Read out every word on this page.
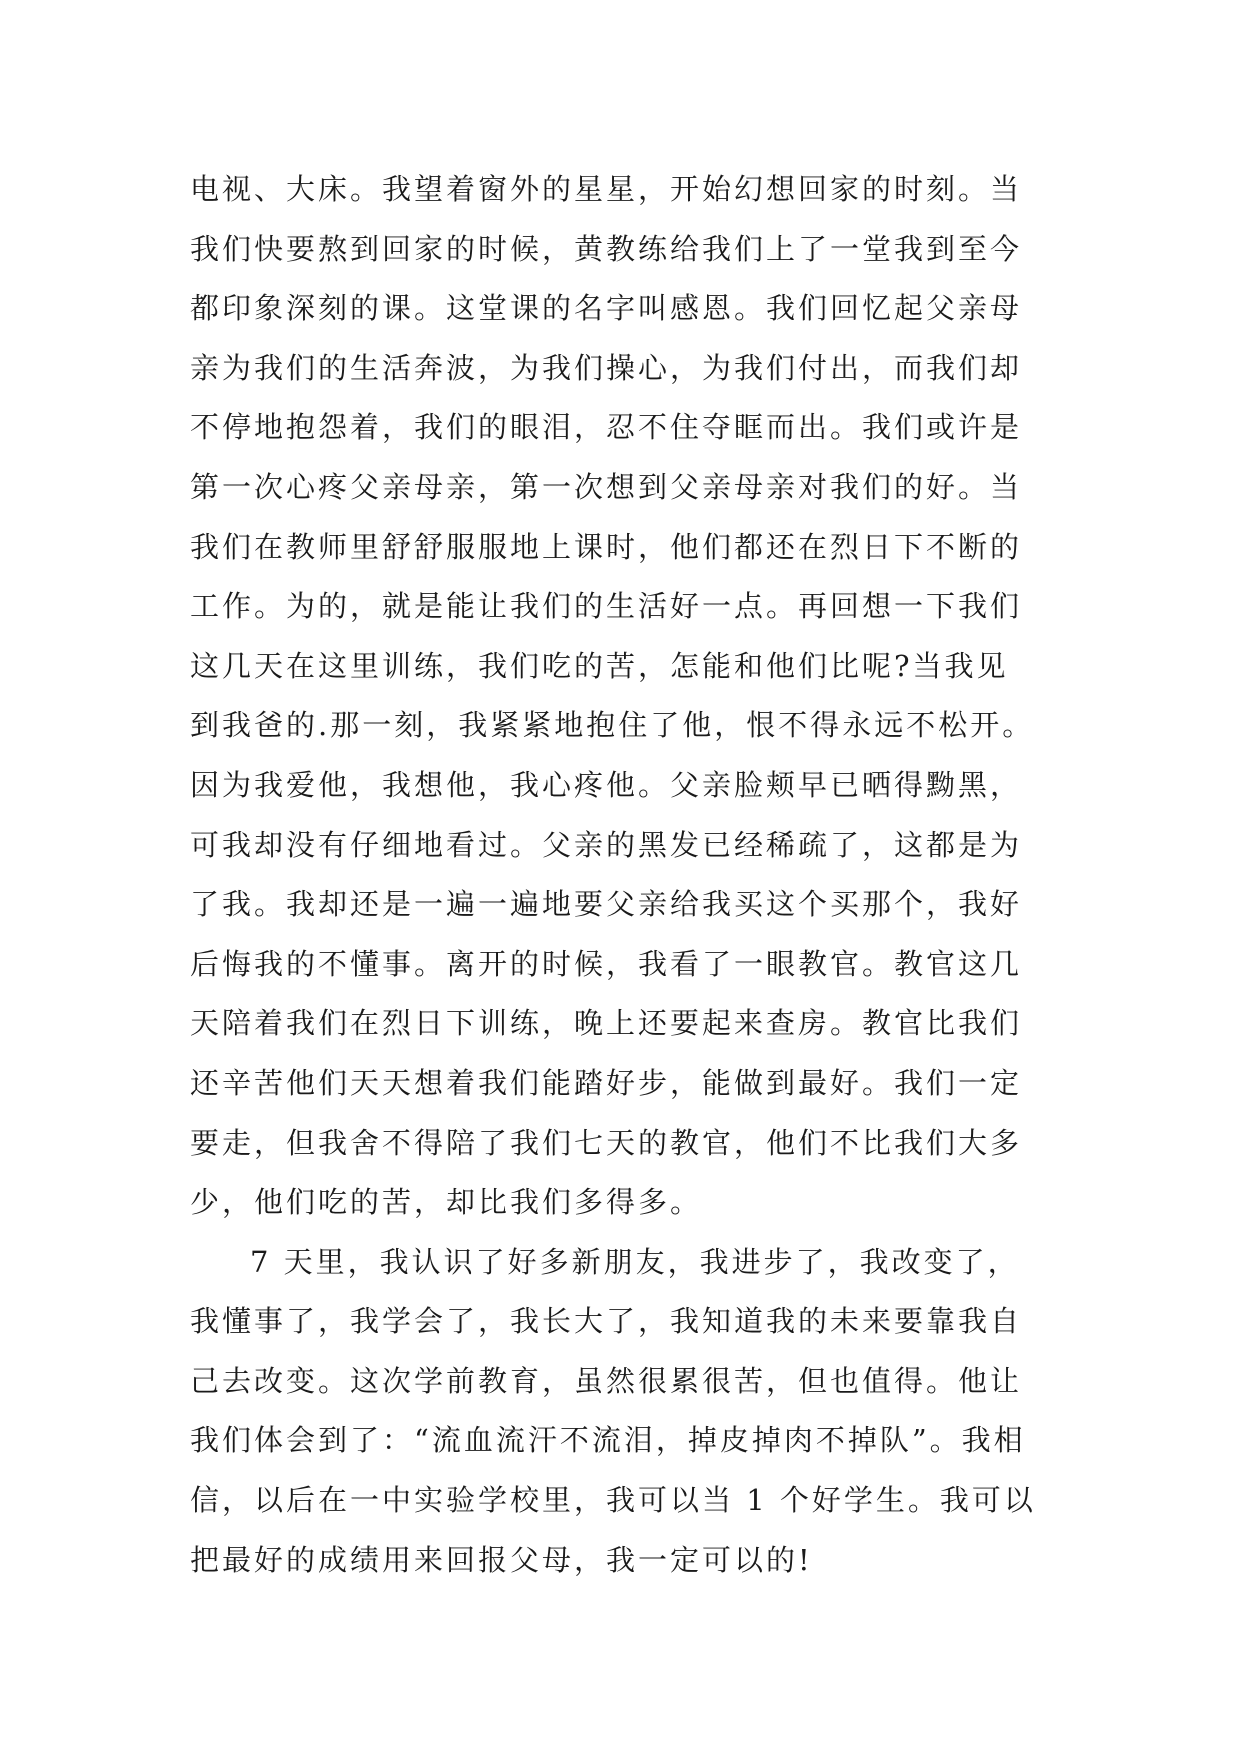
电视、大床。我望着窗外的星星，开始幻想回家的时刻。当
我们快要熬到回家的时候，黄教练给我们上了一堂我到至今
都印象深刻的课。这堂课的名字叫感恩。我们回忆起父亲母
亲为我们的生活奔波，为我们操心，为我们付出，而我们却
不停地抱怨着，我们的眼泪，忍不住夺眶而出。我们或许是
第一次心疼父亲母亲，第一次想到父亲母亲对我们的好。当
我们在教师里舒舒服服地上课时，他们都还在烈日下不断的
工作。为的，就是能让我们的生活好一点。再回想一下我们
这几天在这里训练，我们吃的苦，怎能和他们比呢?当我见
到我爸的.那一刻，我紧紧地抱住了他，恨不得永远不松开。
因为我爱他，我想他，我心疼他。父亲脸颊早已晒得黝黑，
可我却没有仔细地看过。父亲的黑发已经稀疏了，这都是为
了我。我却还是一遍一遍地要父亲给我买这个买那个，我好
后悔我的不懂事。离开的时候，我看了一眼教官。教官这几
天陪着我们在烈日下训练，晚上还要起来查房。教官比我们
还辛苦他们天天想着我们能踏好步，能做到最好。我们一定
要走，但我舍不得陪了我们七天的教官，他们不比我们大多
少，他们吃的苦，却比我们多得多。
7 天里，我认识了好多新朋友，我进步了，我改变了，
我懂事了，我学会了，我长大了，我知道我的未来要靠我自
己去改变。这次学前教育，虽然很累很苦，但也值得。他让
我们体会到了：“流血流汗不流泪，掉皮掉肉不掉队”。我相
信，以后在一中实验学校里，我可以当 1 个好学生。我可以
把最好的成绩用来回报父母，我一定可以的!
